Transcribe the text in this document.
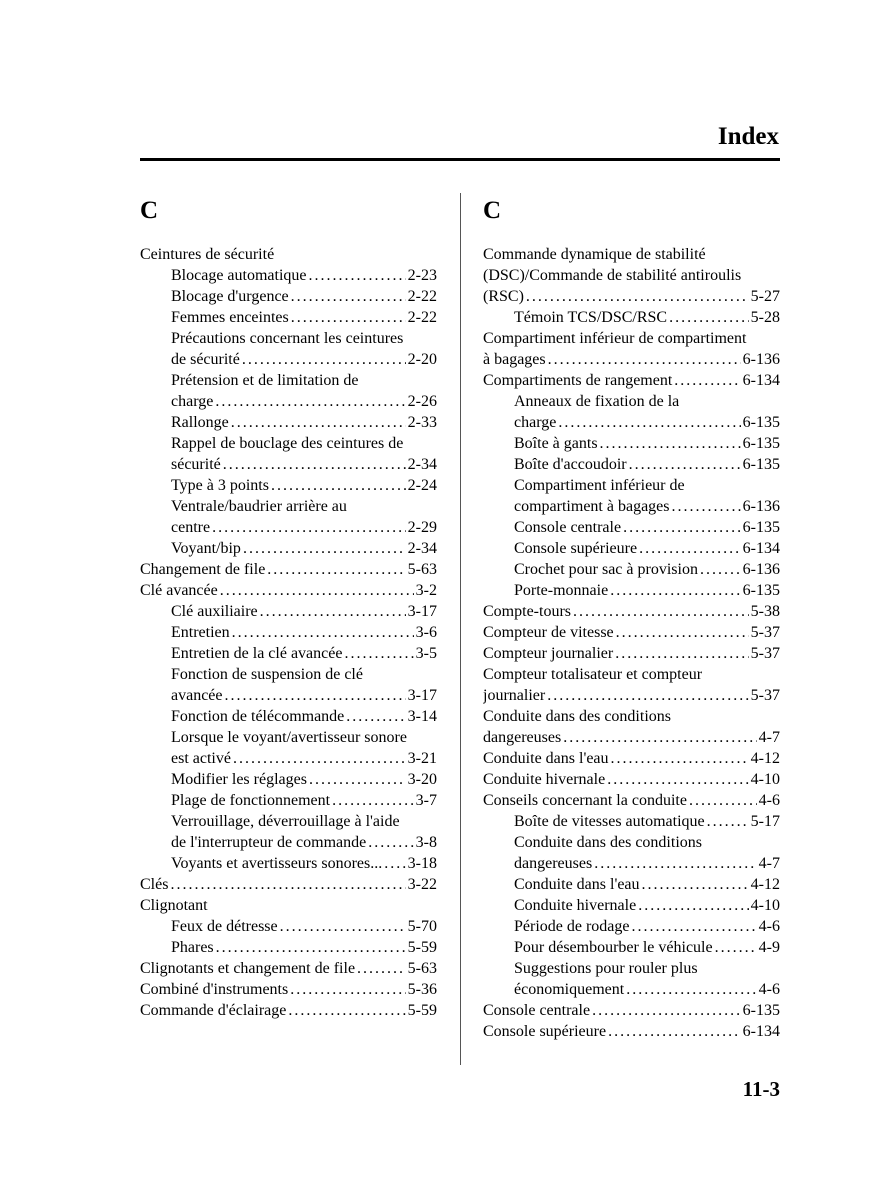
Index
C
Ceintures de sécurité
Blocage automatique . . .	2-23
Blocage d'urgence . . .	2-22
Femmes enceintes . . .	2-22
Précautions concernant les ceintures
de sécurité . . .	2-20
Prétension et de limitation de
charge . . .	2-26
Rallonge . . .	2-33
Rappel de bouclage des ceintures de
sécurité . . .	2-34
Type à 3 points . . .	2-24
Ventrale/baudrier arrière au
centre . . .	2-29
Voyant/bip . . .	2-34
Changement de file . . .	5-63
Clé avancée . . .	3-2
Clé auxiliaire . . .	3-17
Entretien . . .	3-6
Entretien de la clé avancée . . .	3-5
Fonction de suspension de clé
avancée . . .	3-17
Fonction de télécommande . . .	3-14
Lorsque le voyant/avertisseur sonore
est activé . . .	3-21
Modifier les réglages . . .	3-20
Plage de fonctionnement . . .	3-7
Verrouillage, déverrouillage à l'aide
de l'interrupteur de commande . . .	3-8
Voyants et avertisseurs sonores... . . . 3-18
Clés . . .	3-22
Clignotant
Feux de détresse . . .	5-70
Phares . . .	5-59
Clignotants et changement de file . . .	5-63
Combiné d'instruments . . .	5-36
Commande d'éclairage . . .	5-59
C
Commande dynamique de stabilité
(DSC)/Commande de stabilité antiroulis
(RSC) . . .	5-27
Témoin TCS/DSC/RSC . . .	5-28
Compartiment inférieur de compartiment
à bagages . . .	6-136
Compartiments de rangement . . .	6-134
Anneaux de fixation de la
charge . . .	6-135
Boîte à gants . . .	6-135
Boîte d'accoudoir . . .	6-135
Compartiment inférieur de
compartiment à bagages . . .	6-136
Console centrale . . .	6-135
Console supérieure . . .	6-134
Crochet pour sac à provision . . .	6-136
Porte-monnaie . . .	6-135
Compte-tours . . .	5-38
Compteur de vitesse . . .	5-37
Compteur journalier . . .	5-37
Compteur totalisateur et compteur
journalier . . .	5-37
Conduite dans des conditions
dangereuses . . .	4-7
Conduite dans l'eau . . .	4-12
Conduite hivernale . . .	4-10
Conseils concernant la conduite . . .	4-6
Boîte de vitesses automatique . . .	5-17
Conduite dans des conditions
dangereuses . . .	4-7
Conduite dans l'eau . . .	4-12
Conduite hivernale . . .	4-10
Période de rodage . . .	4-6
Pour désembourber le véhicule . . .	4-9
Suggestions pour rouler plus
économiquement . . .	4-6
Console centrale . . .	6-135
Console supérieure . . .	6-134
11-3
